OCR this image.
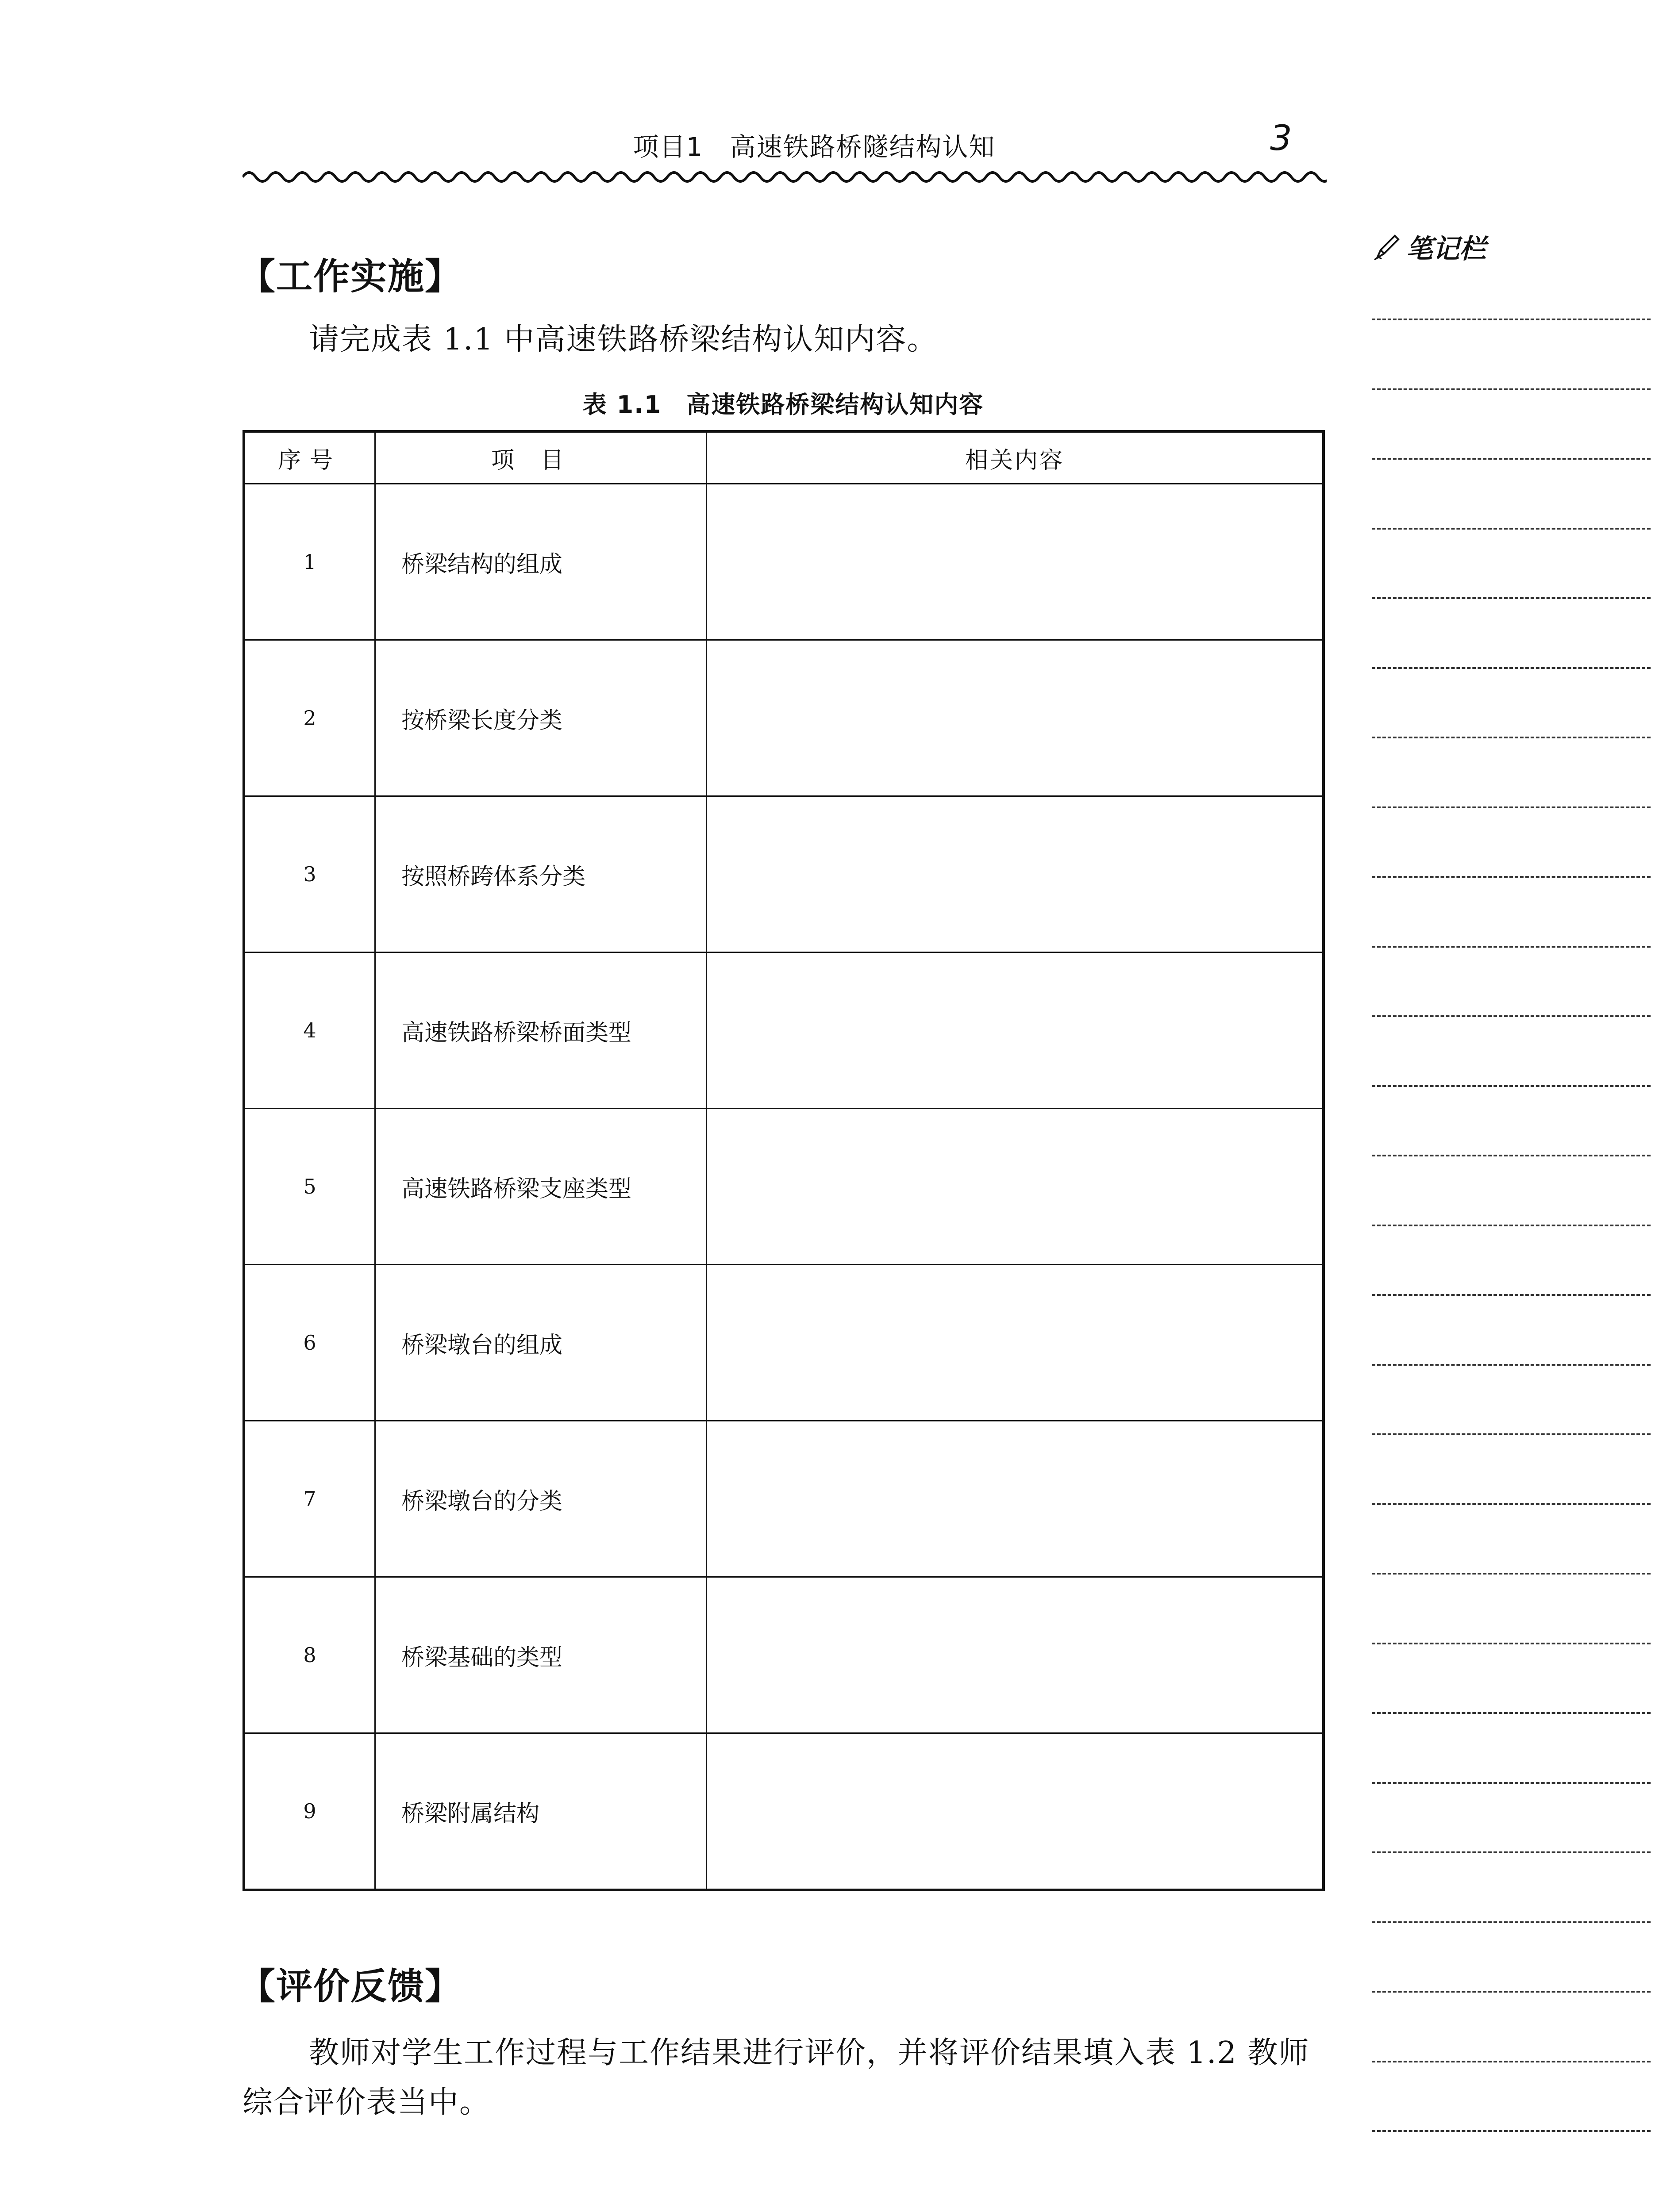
项目1　高速铁路桥隧结构认知	3
【工作实施】
请完成表 1.1 中高速铁路桥梁结构认知内容。
表 1.1　高速铁路桥梁结构认知内容
序号	项目	相关内容
1	桥梁结构的组成	
2	按桥梁长度分类	
3	按照桥跨体系分类	
4	高速铁路桥梁桥面类型	
5	高速铁路桥梁支座类型	
6	桥梁墩台的组成	
7	桥梁墩台的分类	
8	桥梁基础的类型	
9	桥梁附属结构	
【评价反馈】
教师对学生工作过程与工作结果进行评价，并将评价结果填入表 1.2 教师综合评价表当中。
笔记栏
